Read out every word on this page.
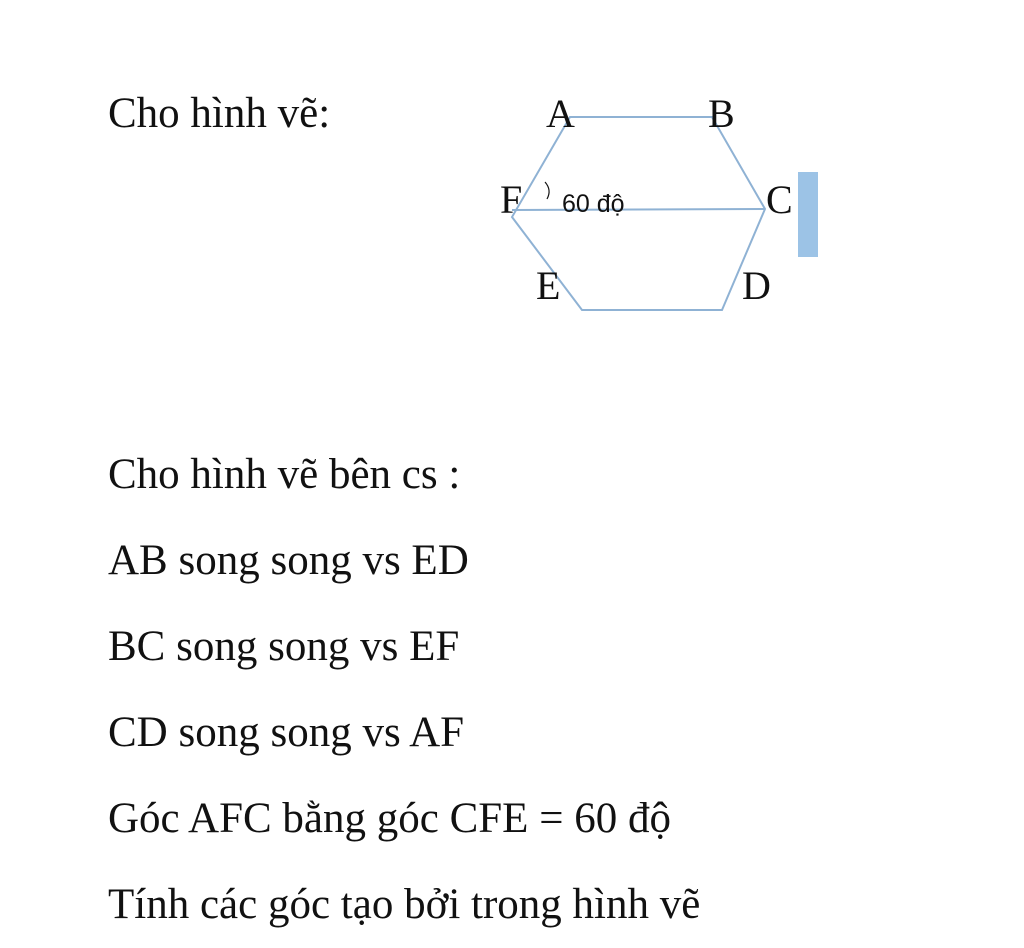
Cho hình vẽ:	A	B
C
D
E
F 60 độ
Cho hình vẽ bên cs :
AB song song vs ED
BC song song vs EF
CD song song vs AF
Góc AFC bằng góc CFE = 60 độ
Tính các góc tạo bởi trong hình vẽ
